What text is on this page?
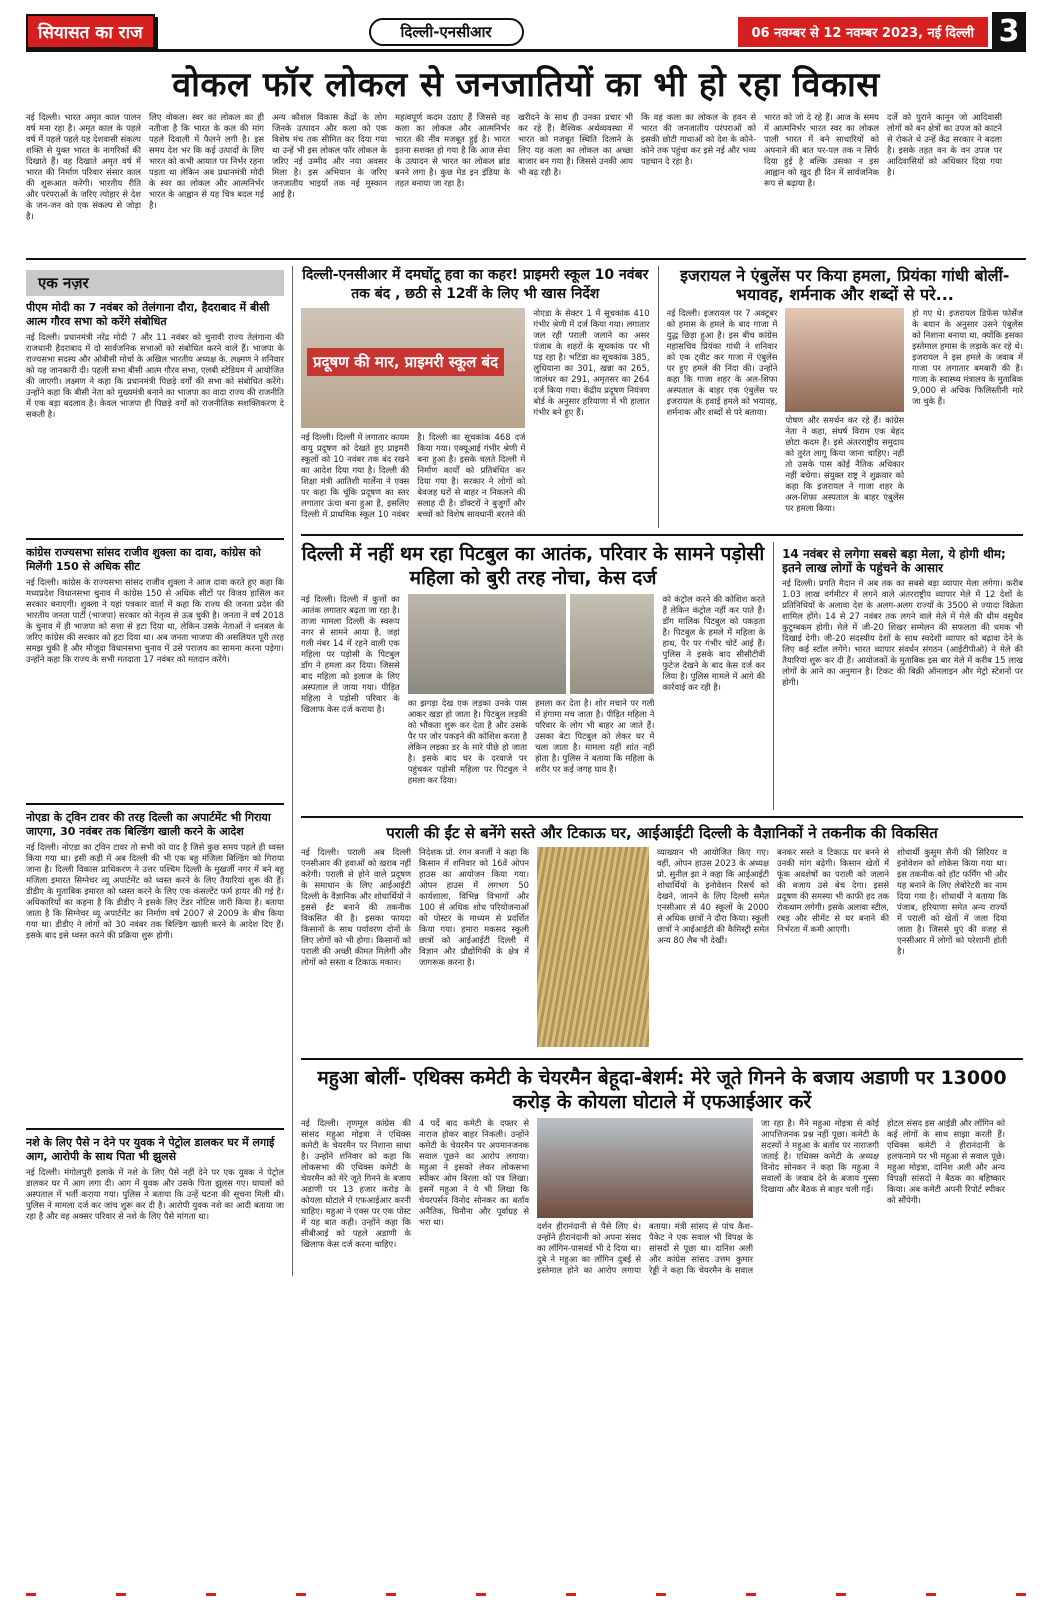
सियासत का राज	दिल्ली-एनसीआर	06 नवम्बर से 12 नवम्बर 2023, नई दिल्ली 3
वोकल फॉर लोकल से जनजातियों का भी हो रहा विकास
नई दिल्ली। भारत अमृत काल पालन वर्ष मना रहा है। अमृत काल के पहले वर्ष में पहले पहले यह देशवासी संकल्प शक्ति से युक्त भारत के नागरिकों की दिखाते हैं। वह दिखाते अमृत वर्ष में भारत की निर्माण परिवार संसार काल की शुरूआत करेंगी। भारतीय रीति और परंपराओं के जरिए त्योहार से देश के जन-जन को एक संकल्प से जोड़ा है।
लिए वोकल। स्वर का लोकल का ही नतीजा है कि भारत के कल की मांग पहले दिवाली में फैलने लगी है। इस समय देश भर कि कई उत्पादों के लिए भारत को कभी आयात पर निर्भर रहना पड़ता था लेकिन अब प्रधानमंत्री मोदी के स्वर का लोकल और आत्मनिर्भर भारत के आह्वान से यह चित्र बदल गई है।
अन्य कौशल विकास केंद्रों के लोग जिनके उत्पादन और कला को एक विशेष मंच तक सीमित कर दिया गया था उन्हें भी इस लोकल फॉर लोकल के जरिए नई उम्मीद और नया अवसर मिला है। इस अभियान के जरिए जनजातीय भाइयों तक नई मुस्कान आई है।
महत्वपूर्ण कदम उठाए हैं जिससे वह कला का लोकल और आत्मनिर्भर भारत की नींव मजबूत हुई है। भारत इतना सशक्त हो गया है कि आज सेवा के उत्पादन से भारत का लोकल ब्रांड बनने लगा है। कुछ मेड इन इंडिया के तहत बनाया जा रहा है।
खरीदने के साथ ही उनका प्रचार भी कर रहे हैं। वैश्विक अर्थव्यवस्था में भारत को मजबूत स्थिति दिलाने के लिए यह कला का लोकल का अच्छा बाजार बन गया है। जिससे उनकी आय भी बढ़ रही है।
कि वह कला का लोकल के हवन से भारत की जनजातीय परंपराओं को इसकी छोटी गाथाओं को देश के कोने-कोने तक पहुंचा कर इसे नई और भव्य पहचान दे रहा है।
भारत को जो दे रहे हैं। आज के समय में आत्मनिर्भर भारत स्वर का लोकल पाली भारत में बने साधारियों को अपनाने की बात पर-पल तक न सिर्फ दिया हुई है बल्कि उसका न इस आह्वान को खुद ही दिन में सार्वजनिक रूप से बढ़ाया है।
दर्जे को पुराने कानून जो आदिवासी लोगों को बन क्षेत्रों का उपज को काटने से रोकते थे उन्हें केंद्र सरकार ने बदला है। इसके तहत वन के वन उपज पर आदिवासियों को अधिकार दिया गया है।
एक नज़र
पीएम मोदी का 7 नवंबर को तेलंगाना दौरा, हैदराबाद में बीसी आत्म गौरव सभा को करेंगे संबोधित
नई दिल्ली। प्रधानमंत्री नरेंद्र मोदी 7 और 11 नवंबर को चुनावी राज्य तेलंगाना की राजधानी हैदराबाद में दो सार्वजनिक सभाओं को संबोधित करने वाले हैं। भाजपा के राज्यसभा सदस्य और ओबीसी मोर्चा के अखिल भारतीय अध्यक्ष के. लक्ष्मण ने शनिवार को यह जानकारी दी। पहली सभा बीसी आत्म गौरव सभा, एलबी स्टेडियम में आयोजित की जाएगी। लक्ष्मण ने कहा कि प्रधानमंत्री पिछड़े वर्गों की सभा को संबोधित करेंगे। उन्होंने कहा कि बीसी नेता को मुख्यमंत्री बनाने का भाजपा का वादा राज्य की राजनीति में एक बड़ा बदलाव है। केवल भाजपा ही पिछड़े वर्गों को राजनीतिक सशक्तिकरण दे सकती है।
कांग्रेस राज्यसभा सांसद राजीव शुक्ला का दावा, कांग्रेस को मिलेंगी 150 से अधिक सीट
नई दिल्ली। कांग्रेस के राज्यसभा सांसद राजीव शुक्ला ने आज दावा करते हुए कहा कि मध्यप्रदेश विधानसभा चुनाव में कांग्रेस 150 से अधिक सीटों पर विजय हासिल कर सरकार बनाएगी। शुक्ला ने यहां पत्रकार वार्ता में कहा कि राज्य की जनता प्रदेश की भारतीय जनता पार्टी (भाजपा) सरकार को नेतृत्व से ऊब चुकी है। जनता ने वर्ष 2018 के चुनाव में ही भाजपा को सत्ता से हटा दिया था, लेकिन उसके नेताओं ने धनबल के जरिए कांग्रेस की सरकार को हटा दिया था। अब जनता भाजपा की असलियत पूरी तरह समझ चुकी है और मौजूदा विधानसभा चुनाव में उसे पराजय का सामना करना पड़ेगा। उन्होंने कहा कि राज्य के सभी मतदाता 17 नवंबर को मतदान करेंगे।
नोएडा के ट्विन टावर की तरह दिल्ली का अपार्टमेंट भी गिराया जाएगा, 30 नवंबर तक बिल्डिंग खाली करने के आदेश
नई दिल्ली। नोएडा का ट्विन टावर तो सभी को याद है जिसे कुछ समय पहले ही ध्वस्त किया गया था। इसी कड़ी में अब दिल्ली की भी एक बहु मंजिला बिल्डिंग को गिराया जाना है। दिल्ली विकास प्राधिकरण ने उत्तर पश्चिम दिल्ली के मुखर्जी नगर में बने बहु मंजिला इमारत सिग्नेचर व्यू अपार्टमेंट को ध्वस्त करने के लिए तैयारियां शुरू की हैं। डीडीए के मुताबिक इमारत को ध्वस्त करने के लिए एक कंसल्टेंट फर्म हायर की गई है। अधिकारियों का कहना है कि डीडीए ने इसके लिए टेंडर नोटिस जारी किया है। बताया जाता है कि सिग्नेचर व्यू अपार्टमेंट का निर्माण वर्ष 2007 से 2009 के बीच किया गया था। डीडीए ने लोगों को 30 नवंबर तक बिल्डिंग खाली करने के आदेश दिए हैं। इसके बाद इसे ध्वस्त करने की प्रक्रिया शुरू होगी।
नशे के लिए पैसे न देने पर युवक ने पेट्रोल डालकर घर में लगाई आग, आरोपी के साथ पिता भी झुलसे
नई दिल्ली। मंगोलपुरी इलाके में नशे के लिए पैसे नहीं देने पर एक युवक ने पेट्रोल डालकर घर में आग लगा दी। आग में युवक और उसके पिता झुलस गए। घायलों को अस्पताल में भर्ती कराया गया। पुलिस ने बताया कि उन्हें घटना की सूचना मिली थी। पुलिस ने मामला दर्ज कर जांच शुरू कर दी है। आरोपी युवक नशे का आदी बताया जा रहा है और वह अक्सर परिवार से नशे के लिए पैसे मांगता था।
दिल्ली-एनसीआर में दमघोंटू हवा का कहर! प्राइमरी स्कूल 10 नवंबर तक बंद , छठी से 12वीं के लिए भी खास निर्देश
प्रदूषण की मार, प्राइमरी स्कूल बंद
नई दिल्ली। दिल्ली में लगातार कायम वायु प्रदूषण को देखते हुए प्राइमरी स्कूलों को 10 नवंबर तक बंद रखने का आदेश दिया गया है। दिल्ली की शिक्षा मंत्री आतिशी मार्लेना ने एक्स पर कहा कि चूंकि प्रदूषण का स्तर लगातार ऊंचा बना हुआ है, इसलिए दिल्ली में प्राथमिक स्कूल 10 नवंबर
है। दिल्ली का सूचकांक 468 दर्ज किया गया। एक्यूआई गंभीर श्रेणी में बना हुआ है। इसके चलते दिल्ली में निर्माण कार्यों को प्रतिबंधित कर दिया गया है। सरकार ने लोगों को बेवजह घरों से बाहर न निकलने की सलाह दी है। डॉक्टरों ने बुजुर्गों और बच्चों को विशेष सावधानी बरतने की
नोएडा के सेक्टर 1 में सूचकांक 410 गंभीर श्रेणी में दर्ज किया गया। लगातार जल रही पराली जलाने का असर पंजाब के शहरों के सूचकांक पर भी पड़ रहा है। भटिंडा का सूचकांक 385, लुधियाना का 301, खन्ना का 265, जालंधर का 291, अमृतसर का 264 दर्ज किया गया। केंद्रीय प्रदूषण नियंत्रण बोर्ड के अनुसार हरियाणा में भी हालात गंभीर बने हुए हैं।
इजरायल ने एंबुलेंस पर किया हमला, प्रियंका गांधी बोलीं- भयावह, शर्मनाक और शब्दों से परे...
नई दिल्ली। इजरायल पर 7 अक्टूबर को हमास के हमले के बाद गाजा में युद्ध छिड़ा हुआ है। इस बीच कांग्रेस महासचिव प्रियंका गांधी ने शनिवार को एक ट्वीट कर गाजा में एंबुलेंस पर हुए हमले की निंदा की। उन्होंने कहा कि गाजा शहर के अल-शिफा अस्पताल के बाहर एक एंबुलेंस पर इजरायल के हवाई हमले को भयावह, शर्मनाक और शब्दों से परे बताया।
पोषण और समर्थन कर रहे हैं। कांग्रेस नेता ने कहा, संघर्ष विराम एक बेहद छोटा कदम है। इसे अंतरराष्ट्रीय समुदाय को तुरंत लागू किया जाना चाहिए। नहीं तो उसके पास कोई नैतिक अधिकार नहीं बचेगा। संयुक्त राष्ट्र ने शुक्रवार को कहा कि इजरायल ने गाजा शहर के अल-शिफा अस्पताल के बाहर एंबुलेंस पर हमला किया।
हो गए थे। इजरायल डिफेंस फोर्सेज के बयान के अनुसार उसने एंबुलेंस को निशाना बनाया था, क्योंकि इसका इस्तेमाल हमास के लड़ाके कर रहे थे। इजरायल ने इस हमले के जवाब में गाजा पर लगातार बमबारी की है। गाजा के स्वास्थ्य मंत्रालय के मुताबिक 9,000 से अधिक फिलिस्तीनी मारे जा चुके हैं।
दिल्ली में नहीं थम रहा पिटबुल का आतंक, परिवार के सामने पड़ोसी महिला को बुरी तरह नोचा, केस दर्ज
नई दिल्ली। दिल्ली में कुत्तों का आतंक लगातार बढ़ता जा रहा है। ताजा मामला दिल्ली के स्वरूप नगर से सामने आया है, जहां गली नंबर 14 में रहने वाली एक महिला पर पड़ोसी के पिटबुल डॉग ने हमला कर दिया। जिससे बाद महिला को इलाज के लिए अस्पताल ले जाया गया। पीड़ित महिला ने पड़ोसी परिवार के खिलाफ केस दर्ज कराया है।
का झगड़ा देख एक लड़का उनके पास आकर खड़ा हो जाता है। पिटबुल लड़की को भौंकता शुरू कर देता है और उसके पैर पर जोर पकड़ने की कोशिश करता है लेकिन लड़का डर के मारे पीछे हो जाता है। इसके बाद घर के दरवाजे पर पहुंचकर पड़ोसी महिला पर पिटबुल ने हमला कर दिया।
हमला कर देता है। शोर मचाने पर गली में हंगामा मच जाता है। पीड़ित महिला ने परिवार के लोग भी बाहर आ जाते हैं। उसका बेटा पिटबुल को लेकर घर में चला जाता है। मामला यहीं शांत नहीं होता है। पुलिस ने बताया कि महिला के शरीर पर कई जगह घाव हैं।
को कंट्रोल करने की कोशिश करते हैं लेकिन कंट्रोल नहीं कर पाते हैं। डॉग मालिक पिटबुल को पकड़ता है। पिटबुल के हमले में महिला के हाथ, पैर पर गंभीर चोटें आई हैं। पुलिस ने इसके बाद सीसीटीवी फुटेज देखने के बाद केस दर्ज कर लिया है। पुलिस मामले में आगे की कार्रवाई कर रही है।
14 नवंबर से लगेगा सबसे बड़ा मेला, ये होगी थीम; इतने लाख लोगों के पहुंचने के आसार
नई दिल्ली। प्रगति मैदान में अब तक का सबसे बड़ा व्यापार मेला लगेगा। करीब 1.03 लाख वर्गमीटर में लगने वाले अंतरराष्ट्रीय व्यापार मेले में 12 देशों के प्रतिनिधियों के अलावा देश के अलग-अलग राज्यों के 3500 से ज्यादा विक्रेता शामिल होंगे। 14 से 27 नवंबर तक लगने वाले मेले में मेले की थीम वसुधैव कुटुम्बकम होगी। मेले में जी-20 शिखर सम्मेलन की सफलता की धमक भी दिखाई देगी। जी-20 सदस्यीय देशों के साथ स्वदेशी व्यापार को बढ़ावा देने के लिए कई स्टॉल लगेंगे। भारत व्यापार संवर्धन संगठन (आईटीपीओ) ने मेले की तैयारियां शुरू कर दी हैं। आयोजकों के मुताबिक इस बार मेले में करीब 15 लाख लोगों के आने का अनुमान है। टिकट की बिक्री ऑनलाइन और मेट्रो स्टेशनों पर होगी।
पराली की ईंट से बनेंगे सस्ते और टिकाऊ घर, आईआईटी दिल्ली के वैज्ञानिकों ने तकनीक की विकसित
नई दिल्ली। पराली अब दिल्ली एनसीआर की हवाओं को खराब नहीं करेगी। पराली से होने वाले प्रदूषण के समाधान के लिए आईआईटी दिल्ली के वैज्ञानिक और शोधार्थियों ने इससे ईंट बनाने की तकनीक विकसित की है। इसका फायदा किसानों के साथ पर्यावरण दोनों के लिए लोगों को भी होगा। किसानों को पराली की अच्छी कीमत मिलेगी और लोगों को सस्ता व टिकाऊ मकान।
निदेशक प्रो. रंगन बनर्जी ने कहा कि किसान में शनिवार को 16वें ओपन हाउस का आयोजन किया गया। ओपन हाउस में लगभग 50 कार्यशाला, विभिन्न विभागों और 100 से अधिक शोध परियोजनाओं को पोस्टर के माध्यम से प्रदर्शित किया गया। हमारा मकसद स्कूली छात्रों को आईआईटी दिल्ली में विज्ञान और प्रौद्योगिकी के क्षेत्र में जागरूक करना है।
व्याख्यान भी आयोजित किए गए। वहीं, ओपन हाउस 2023 के अध्यक्ष प्रो. सुनील झा ने कहा कि आईआईटी शोधार्थियों के इनोवेशन रिसर्च को देखने, जानने के लिए दिल्ली समेत एनसीआर से 40 स्कूलों के 2000 से अधिक छात्रों ने दौरा किया। स्कूली छात्रों ने आईआईटी की कैमिस्ट्री समेत अन्य 80 लैब भी देखीं।
बनकर सस्ते व टिकाऊ घर बनने से उनकी मांग बढ़ेगी। किसान खेतों में फूंक अवशेषों का पराली को जलाने की बजाय उसे बेच देगा। इससे प्रदूषण की समस्या भी काफी हद तक रोकथाम लगेगी। इसके अलावा स्टील, रबड़ और सीमेंट से घर बनाने की निर्भरता में कमी आएगी।
शोधार्थी कुसुम सैनी की सिरियर व इनोवेशन को शोकेस किया गया था। इस तकनीक को हॉट फर्मिंग भी और यह बनाने के लिए लेबोरेटरी का नाम दिया गया है। शोधार्थी ने बताया कि पंजाब, हरियाणा समेत अन्य राज्यों में पराली को खेतों में जला दिया जाता है। जिससे धुएं की वजह से एनसीआर में लोगों को परेशानी होती है।
महुआ बोलीं- एथिक्स कमेटी के चेयरमैन बेहूदा-बेशर्म: मेरे जूते गिनने के बजाय अडाणी पर 13000 करोड़ के कोयला घोटाले में एफआईआर करें
नई दिल्ली। तृणमूल कांग्रेस की सांसद महुआ मोइत्रा ने एथिक्स कमेटी के चेयरमैन पर निशाना साधा है। उन्होंने शनिवार को कहा कि लोकसभा की एथिक्स कमेटी के चेयरमैन को मेरे जूते गिनने के बजाय अडाणी पर 13 हजार करोड़ के कोयला घोटाले में एफआईआर करनी चाहिए। महुआ ने एक्स पर एक पोस्ट में यह बात कही। उन्होंने कहा कि सीबीआई को पहले अडाणी के खिलाफ केस दर्ज करना चाहिए।
4 पर्दे बाद कमेटी के दफ्तर से नाराज होकर बाहर निकली। उन्होंने कमेटी के चेयरमैन पर अपमानजनक सवाल पूछने का आरोप लगाया। महुआ ने इसको लेकर लोकसभा स्पीकर ओम बिरला को पत्र लिखा। इसमें महुआ ने ये भी लिखा कि चेयरपर्सन विनोद सोनकर का बर्ताव अनैतिक, घिनौना और पूर्वाग्रह से भरा था।	दर्शन हीरानंदानी से पैसे लिए थे। उन्होंने हीरानंदानी को अपना संसद का लॉगिन-पासवर्ड भी दे दिया था। दुबे ने महुआ का लॉगिन दुबई से इस्तेमाल होने का आरोप लगाया
बताया। मंत्री सांसद से पांच कैश-पैकेट ने एक सवाल भी विपक्ष के सांसदों से पूछा था। दानिश अली और कांग्रेस सांसद उत्तम कुमार रेड्डी ने कहा कि चेयरमैन के सवाल
जा रहा है। मैंने महुआ मोइत्रा से कोई आपत्तिजनक प्रश्न नहीं पूछा। कमेटी के सदस्यों ने महुआ के बर्ताव पर नाराजगी जताई है। एथिक्स कमेटी के अध्यक्ष विनोद सोनकर ने कहा कि महुआ ने सवालों के जवाब देने के बजाय गुस्सा दिखाया और बैठक से बाहर चली गईं।
होटल संसद इस आईडी और लॉगिन को कई लोगों के साथ साझा करती हैं। एथिक्स कमेटी ने हीरानंदानी के हलफनामे पर भी महुआ से सवाल पूछे। महुआ मोइत्रा, दानिश अली और अन्य विपक्षी सांसदों ने बैठक का बहिष्कार किया। अब कमेटी अपनी रिपोर्ट स्पीकर को सौंपेगी।
